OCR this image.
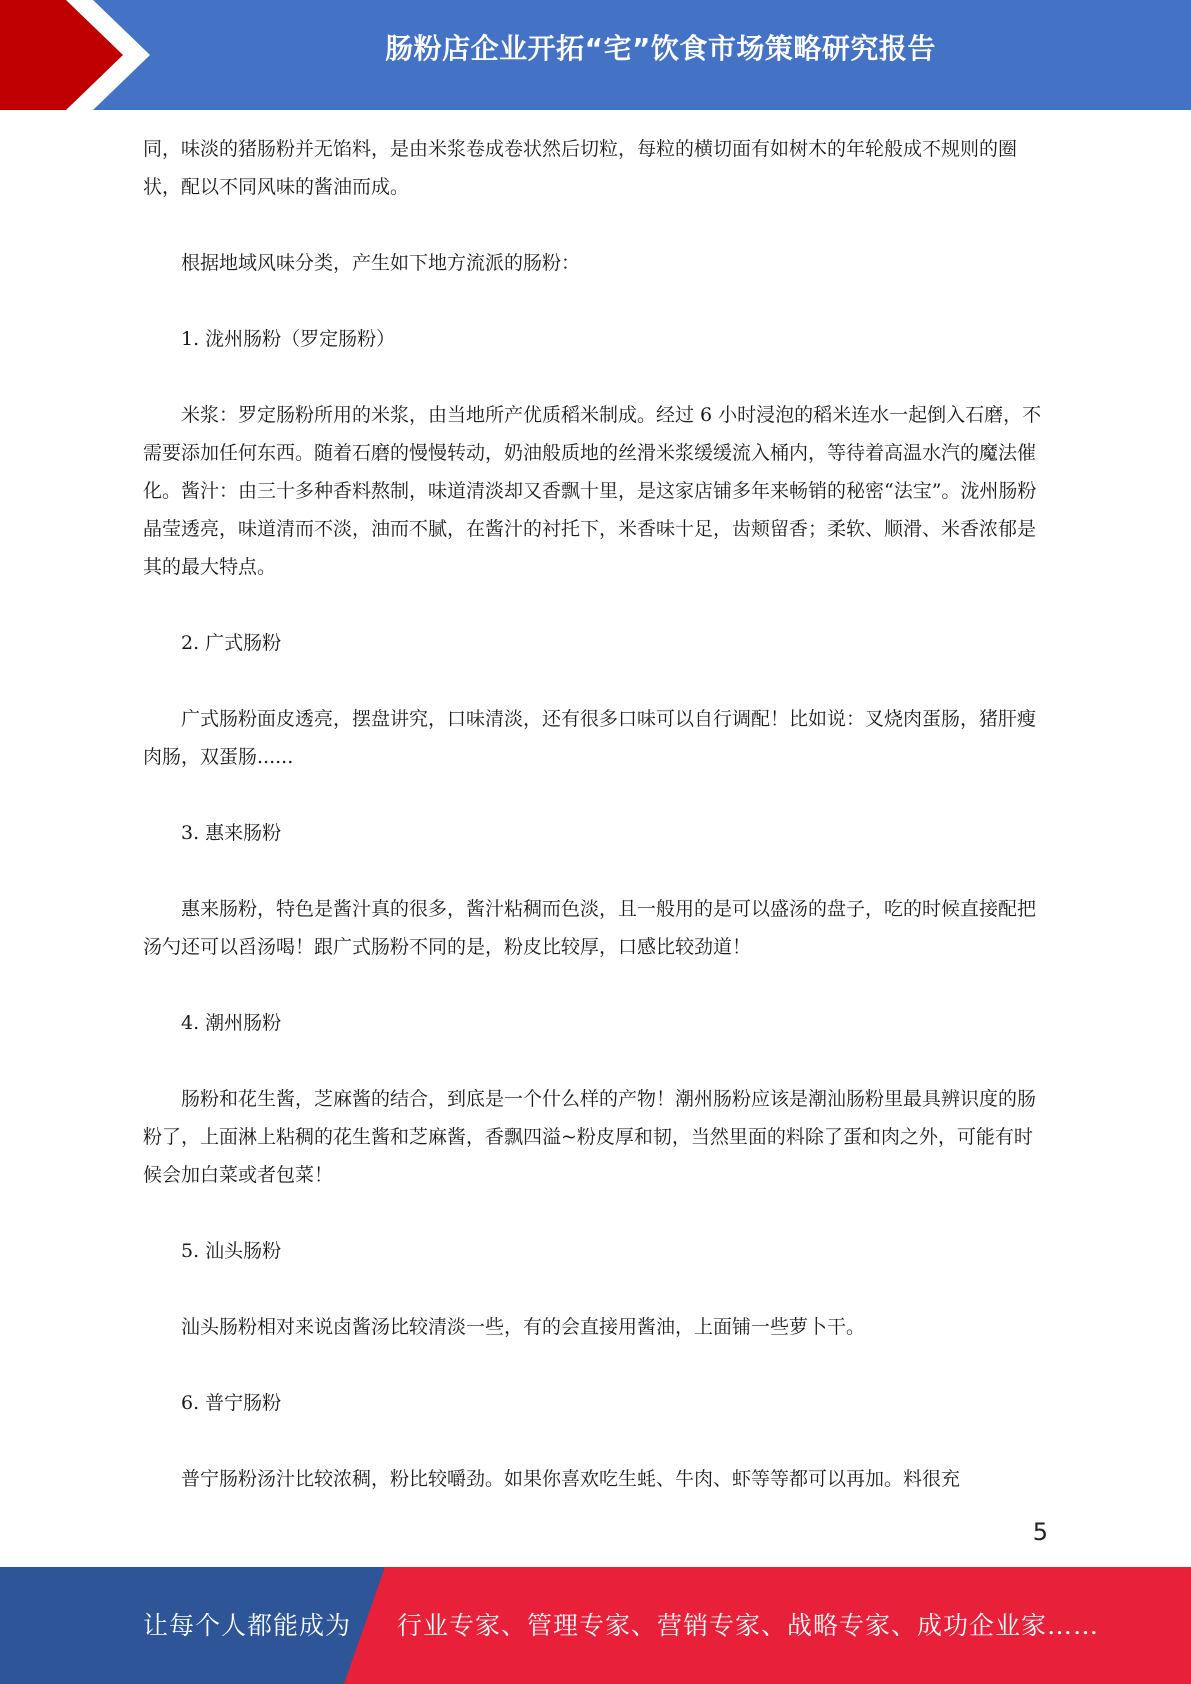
肠粉店企业开拓“宅”饮食市场策略研究报告

同，味淡的猪肠粉并无馅料，是由米浆卷成卷状然后切粒，每粒的横切面有如树木的年轮般成不规则的圈状，配以不同风味的酱油而成。

根据地域风味分类，产生如下地方流派的肠粉：

1. 泷州肠粉（罗定肠粉）

米浆：罗定肠粉所用的米浆，由当地所产优质稻米制成。经过 6 小时浸泡的稻米连水一起倒入石磨，不需要添加任何东西。随着石磨的慢慢转动，奶油般质地的丝滑米浆缓缓流入桶内，等待着高温水汽的魔法催化。酱汁：由三十多种香料熬制，味道清淡却又香飘十里，是这家店铺多年来畅销的秘密“法宝”。泷州肠粉晶莹透亮，味道清而不淡，油而不腻，在酱汁的衬托下，米香味十足，齿颊留香；柔软、顺滑、米香浓郁是其的最大特点。

2. 广式肠粉

广式肠粉面皮透亮，摆盘讲究，口味清淡，还有很多口味可以自行调配！比如说：叉烧肉蛋肠，猪肝瘦肉肠，双蛋肠......

3. 惠来肠粉

惠来肠粉，特色是酱汁真的很多，酱汁粘稠而色淡，且一般用的是可以盛汤的盘子，吃的时候直接配把汤勺还可以舀汤喝！跟广式肠粉不同的是，粉皮比较厚，口感比较劲道！

4. 潮州肠粉

肠粉和花生酱，芝麻酱的结合，到底是一个什么样的产物！潮州肠粉应该是潮汕肠粉里最具辨识度的肠粉了，上面淋上粘稠的花生酱和芝麻酱，香飘四溢~粉皮厚和韧，当然里面的料除了蛋和肉之外，可能有时候会加白菜或者包菜！

5. 汕头肠粉

汕头肠粉相对来说卤酱汤比较清淡一些，有的会直接用酱油，上面铺一些萝卜干。

6. 普宁肠粉

普宁肠粉汤汁比较浓稠，粉比较嚼劲。如果你喜欢吃生蚝、牛肉、虾等等都可以再加。料很充

5
让每个人都能成为 行业专家、管理专家、营销专家、战略专家、成功企业家……
